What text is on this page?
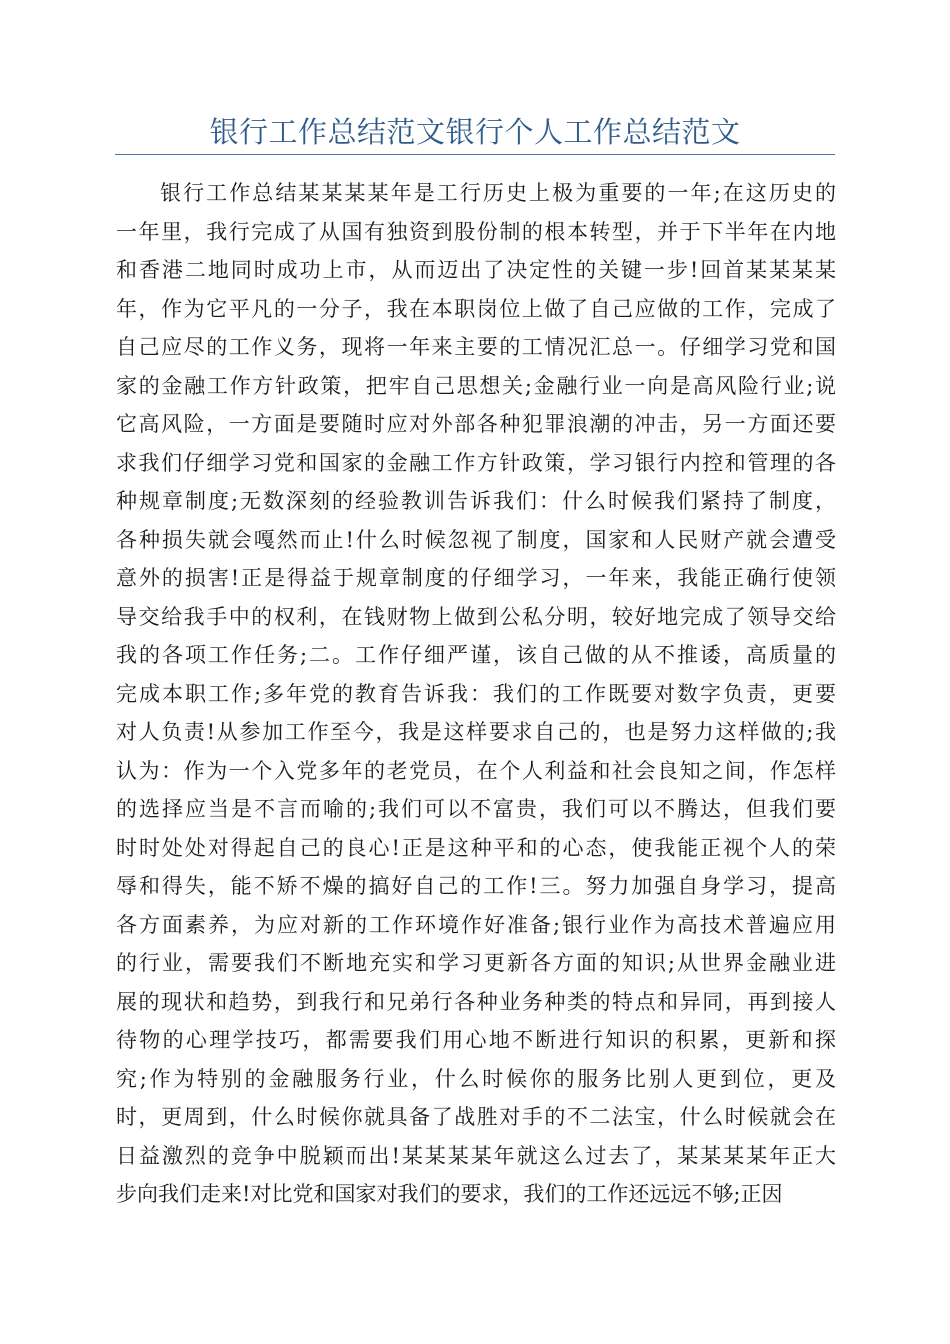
银行工作总结范文银行个人工作总结范文
银行工作总结某某某某年是工行历史上极为重要的一年;在这历史的
一年里，我行完成了从国有独资到股份制的根本转型，并于下半年在内地
和香港二地同时成功上市，从而迈出了决定性的关键一步!回首某某某某
年，作为它平凡的一分子，我在本职岗位上做了自己应做的工作，完成了
自己应尽的工作义务，现将一年来主要的工情况汇总一。仔细学习党和国
家的金融工作方针政策，把牢自己思想关;金融行业一向是高风险行业;说
它高风险，一方面是要随时应对外部各种犯罪浪潮的冲击，另一方面还要
求我们仔细学习党和国家的金融工作方针政策，学习银行内控和管理的各
种规章制度;无数深刻的经验教训告诉我们：什么时候我们紧持了制度，
各种损失就会嘎然而止!什么时候忽视了制度，国家和人民财产就会遭受
意外的损害!正是得益于规章制度的仔细学习，一年来，我能正确行使领
导交给我手中的权利，在钱财物上做到公私分明，较好地完成了领导交给
我的各项工作任务;二。工作仔细严谨，该自己做的从不推诿，高质量的
完成本职工作;多年党的教育告诉我：我们的工作既要对数字负责，更要
对人负责!从参加工作至今，我是这样要求自己的，也是努力这样做的;我
认为：作为一个入党多年的老党员，在个人利益和社会良知之间，作怎样
的选择应当是不言而喻的;我们可以不富贵，我们可以不腾达，但我们要
时时处处对得起自己的良心!正是这种平和的心态，使我能正视个人的荣
辱和得失，能不矫不燥的搞好自己的工作!三。努力加强自身学习，提高
各方面素养，为应对新的工作环境作好准备;银行业作为高技术普遍应用
的行业，需要我们不断地充实和学习更新各方面的知识;从世界金融业进
展的现状和趋势，到我行和兄弟行各种业务种类的特点和异同，再到接人
待物的心理学技巧，都需要我们用心地不断进行知识的积累，更新和探
究;作为特别的金融服务行业，什么时候你的服务比别人更到位，更及
时，更周到，什么时候你就具备了战胜对手的不二法宝，什么时候就会在
日益激烈的竞争中脱颖而出!某某某某年就这么过去了，某某某某年正大
步向我们走来!对比党和国家对我们的要求，我们的工作还远远不够;正因
